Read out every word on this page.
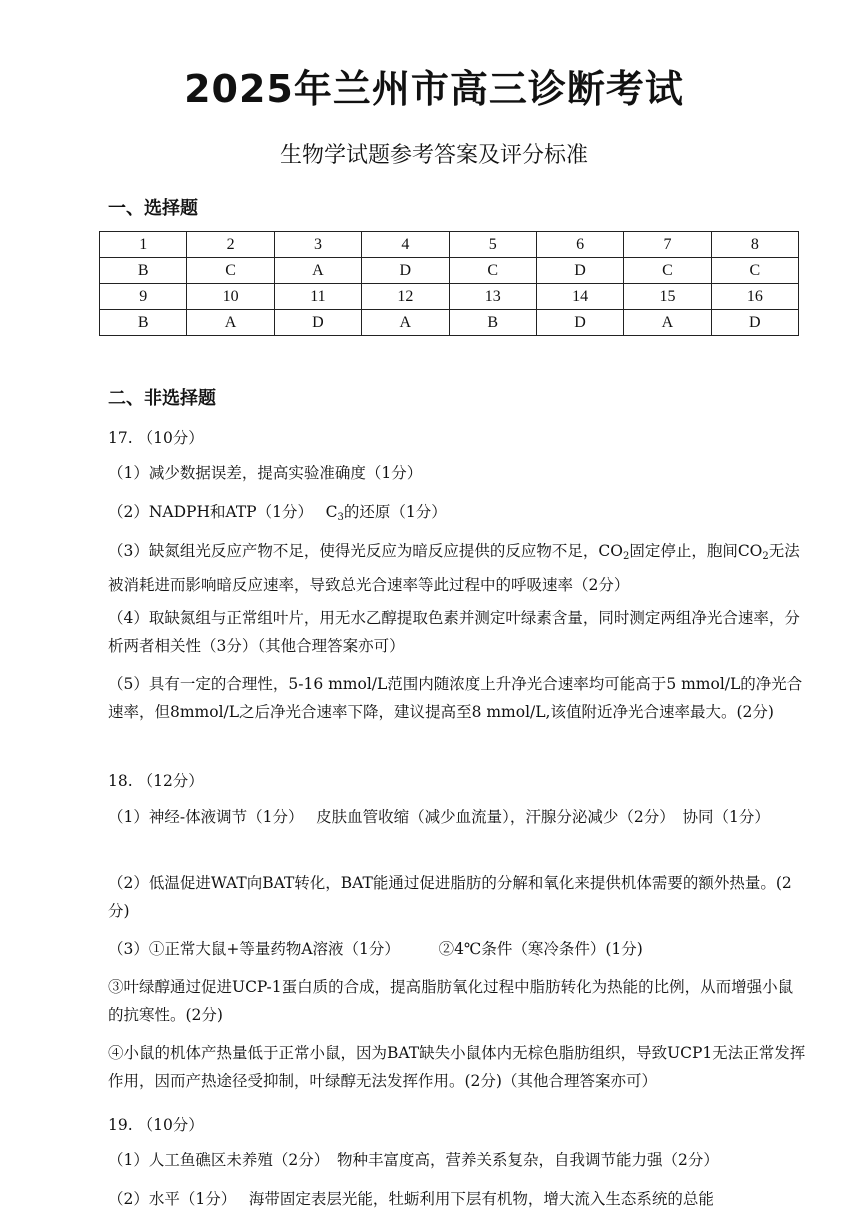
2025年兰州市高三诊断考试
生物学试题参考答案及评分标准
一、选择题
1	2	3	4	5	6	7	8
B	C	A	D	C	D	C	C
9	10	11	12	13	14	15	16
B	A	D	A	B	D	A	D
二、非选择题
17. （10分）
（1）减少数据误差，提高实验准确度（1分）
（2）NADPH和ATP（1分）　 $C_3$的还原（1分）
（3）缺氮组光反应产物不足，使得光反应为暗反应提供的反应物不足，$CO_2$固定停止，胞间$CO_2$无法被消耗进而影响暗反应速率，导致总光合速率等此过程中的呼吸速率（2分）
（4）取缺氮组与正常组叶片，用无水乙醇提取色素并测定叶绿素含量，同时测定两组净光合速率，分析两者相关性（3分）（其他合理答案亦可）
（5）具有一定的合理性，5-16 mmol/L范围内随浓度上升净光合速率均可能高于5 mmol/L的净光合速率，但8mmol/L之后净光合速率下降，建议提高至8 mmol/L,该值附近净光合速率最大。(2分)
18. （12分）
（1）神经-体液调节（1分）　 皮肤血管收缩（减少血流量），汗腺分泌减少（2分）　协同（1分）
（2）低温促进WAT向BAT转化，BAT能通过促进脂肪的分解和氧化来提供机体需要的额外热量。(2分)
（3）①正常大鼠+等量药物A溶液（1分）　　　②4℃条件（寒冷条件）(1分)
③叶绿醇通过促进UCP-1蛋白质的合成，提高脂肪氧化过程中脂肪转化为热能的比例，从而增强小鼠的抗寒性。(2分)
④小鼠的机体产热量低于正常小鼠，因为BAT缺失小鼠体内无棕色脂肪组织，导致UCP1无法正常发挥作用，因而产热途径受抑制，叶绿醇无法发挥作用。(2分)（其他合理答案亦可）
19. （10分）
（1）人工鱼礁区未养殖（2分）　物种丰富度高，营养关系复杂，自我调节能力强（2分）
（2）水平（1分）　 海带固定表层光能，牡蛎利用下层有机物，增大流入生态系统的总能
